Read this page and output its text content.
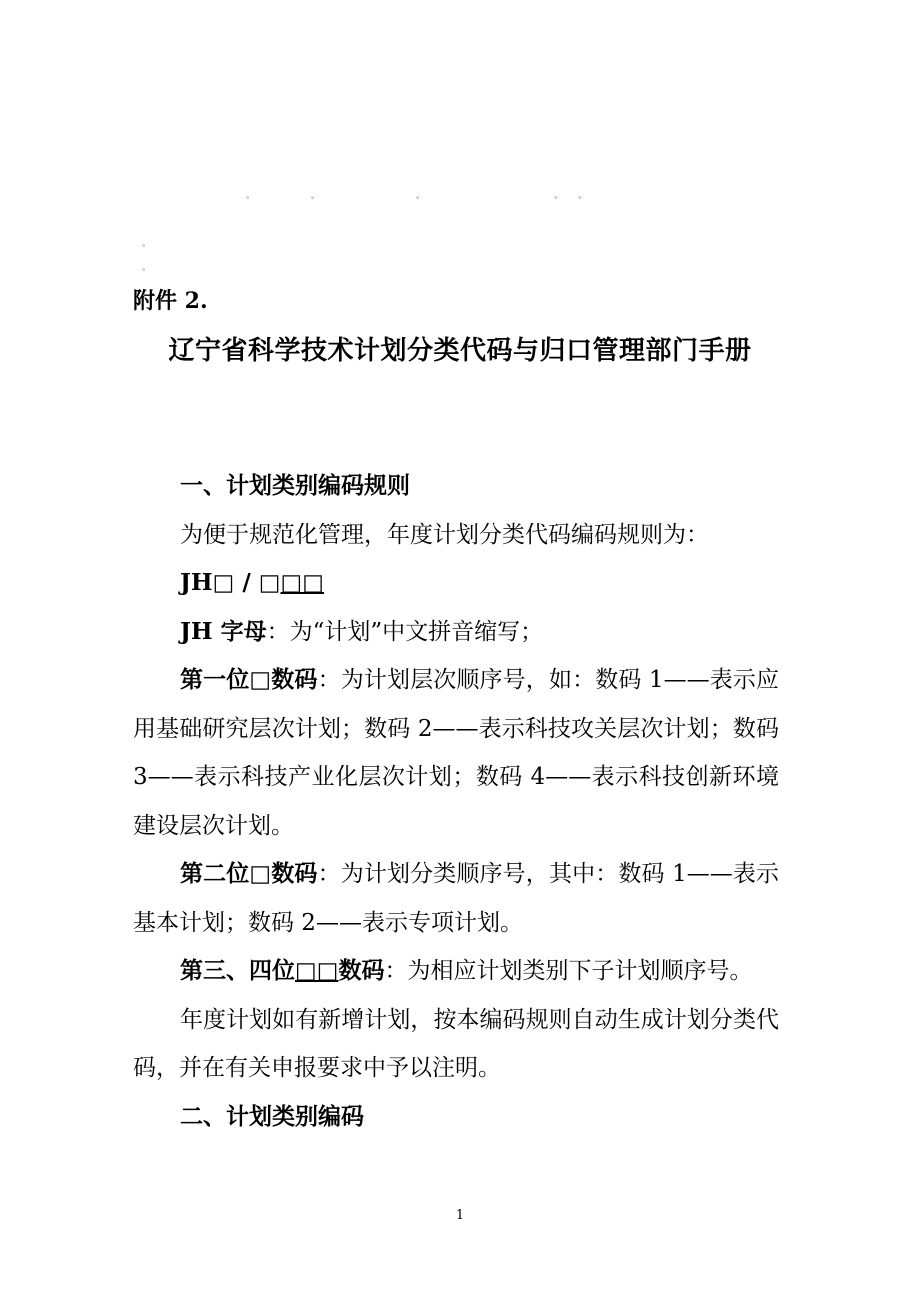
。	。	。	。 。
。
。
附件 2.
辽宁省科学技术计划分类代码与归口管理部门手册

一、计划类别编码规则

为便于规范化管理，年度计划分类代码编码规则为：

JH□ / □□□

JH 字母：为“计划”中文拼音缩写；

第一位□数码：为计划层次顺序号，如：数码 1——表示应用基础研究层次计划；数码 2——表示科技攻关层次计划；数码 3——表示科技产业化层次计划；数码 4——表示科技创新环境建设层次计划。

第二位□数码：为计划分类顺序号，其中：数码 1——表示基本计划；数码 2——表示专项计划。

第三、四位□□数码：为相应计划类别下子计划顺序号。

年度计划如有新增计划，按本编码规则自动生成计划分类代码，并在有关申报要求中予以注明。

二、计划类别编码

1
